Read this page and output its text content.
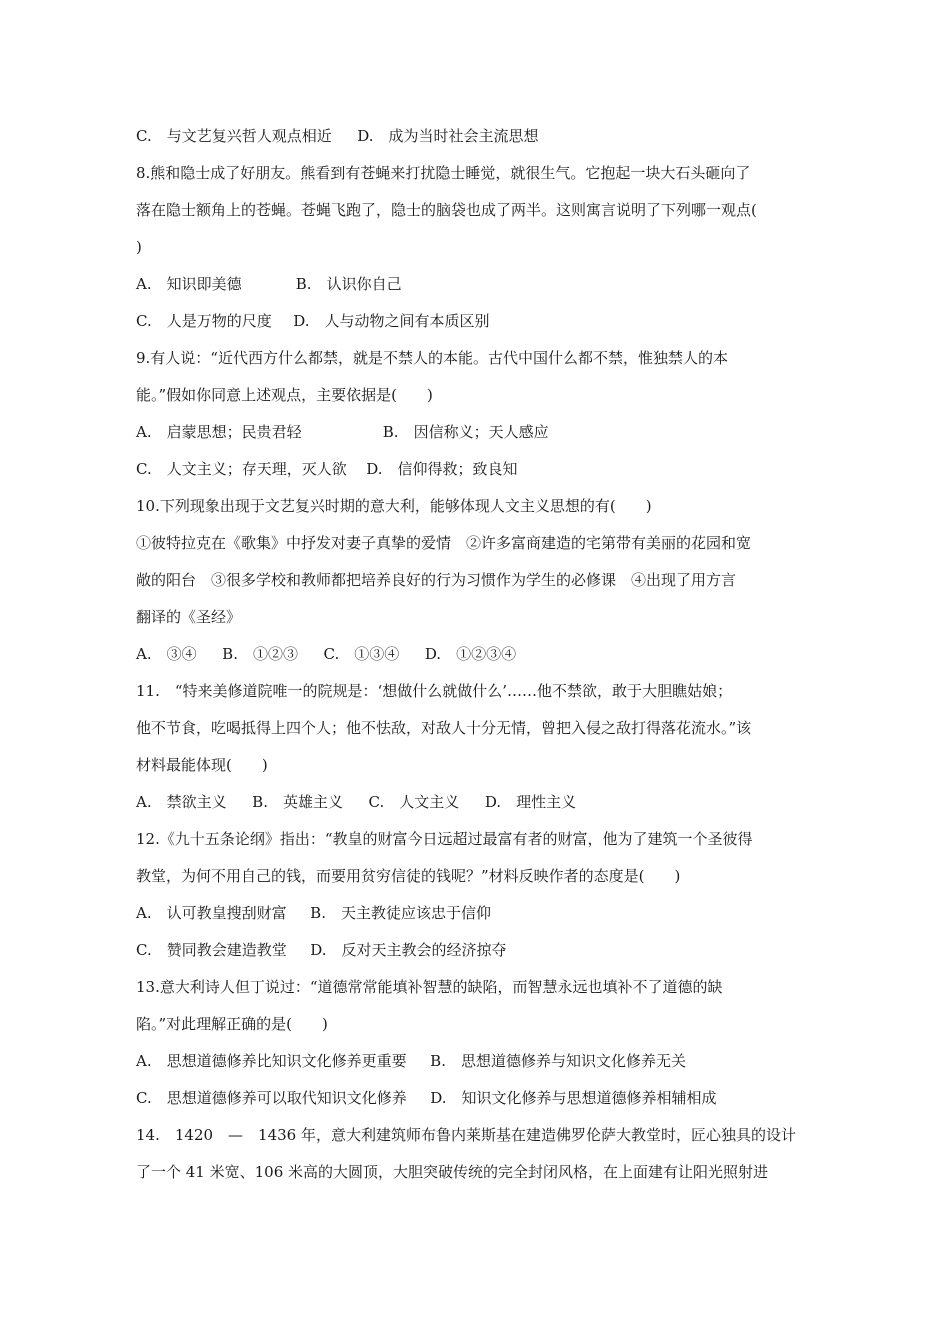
C.　与文艺复兴哲人观点相近 D.　成为当时社会主流思想
8.熊和隐士成了好朋友。熊看到有苍蝇来打扰隐士睡觉，就很生气。它抱起一块大石头砸向了
落在隐士额角上的苍蝇。苍蝇飞跑了，隐士的脑袋也成了两半。这则寓言说明了下列哪一观点(
)
A.　知识即美德	B.　认识你自己
C.　人是万物的尺度 D.　人与动物之间有本质区别
9.有人说：“近代西方什么都禁，就是不禁人的本能。古代中国什么都不禁，惟独禁人的本
能。”假如你同意上述观点，主要依据是(　　)
A.　启蒙思想；民贵君轻	B.　因信称义；天人感应
C.　人文主义；存天理，灭人欲 D.　信仰得救；致良知
10.下列现象出现于文艺复兴时期的意大利，能够体现人文主义思想的有(　　)
①彼特拉克在《歌集》中抒发对妻子真挚的爱情　②许多富商建造的宅第带有美丽的花园和宽
敞的阳台　③很多学校和教师都把培养良好的行为习惯作为学生的必修课　④出现了用方言
翻译的《圣经》
A.　③④ B.　①②③ C.　①③④ D.　①②③④
11.　“特来美修道院唯一的院规是：‘想做什么就做什么’……他不禁欲，敢于大胆瞧姑娘；
他不节食，吃喝抵得上四个人；他不怯敌，对敌人十分无情，曾把入侵之敌打得落花流水。”该
材料最能体现(　　)
A.　禁欲主义 B.　英雄主义 C.　人文主义 D.　理性主义
12.《九十五条论纲》指出：“教皇的财富今日远超过最富有者的财富，他为了建筑一个圣彼得
教堂，为何不用自己的钱，而要用贫穷信徒的钱呢？”材料反映作者的态度是(　　)
A.　认可教皇搜刮财富 B.　天主教徒应该忠于信仰
C.　赞同教会建造教堂 D.　反对天主教会的经济掠夺
13.意大利诗人但丁说过：“道德常常能填补智慧的缺陷，而智慧永远也填补不了道德的缺
陷。”对此理解正确的是(　　)
A.　思想道德修养比知识文化修养更重要 B.　思想道德修养与知识文化修养无关
C.　思想道德修养可以取代知识文化修养 D.　知识文化修养与思想道德修养相辅相成
14.　1420　—　1436 年，意大利建筑师布鲁内莱斯基在建造佛罗伦萨大教堂时，匠心独具的设计
了一个 41 米宽、106 米高的大圆顶，大胆突破传统的完全封闭风格，在上面建有让阳光照射进
